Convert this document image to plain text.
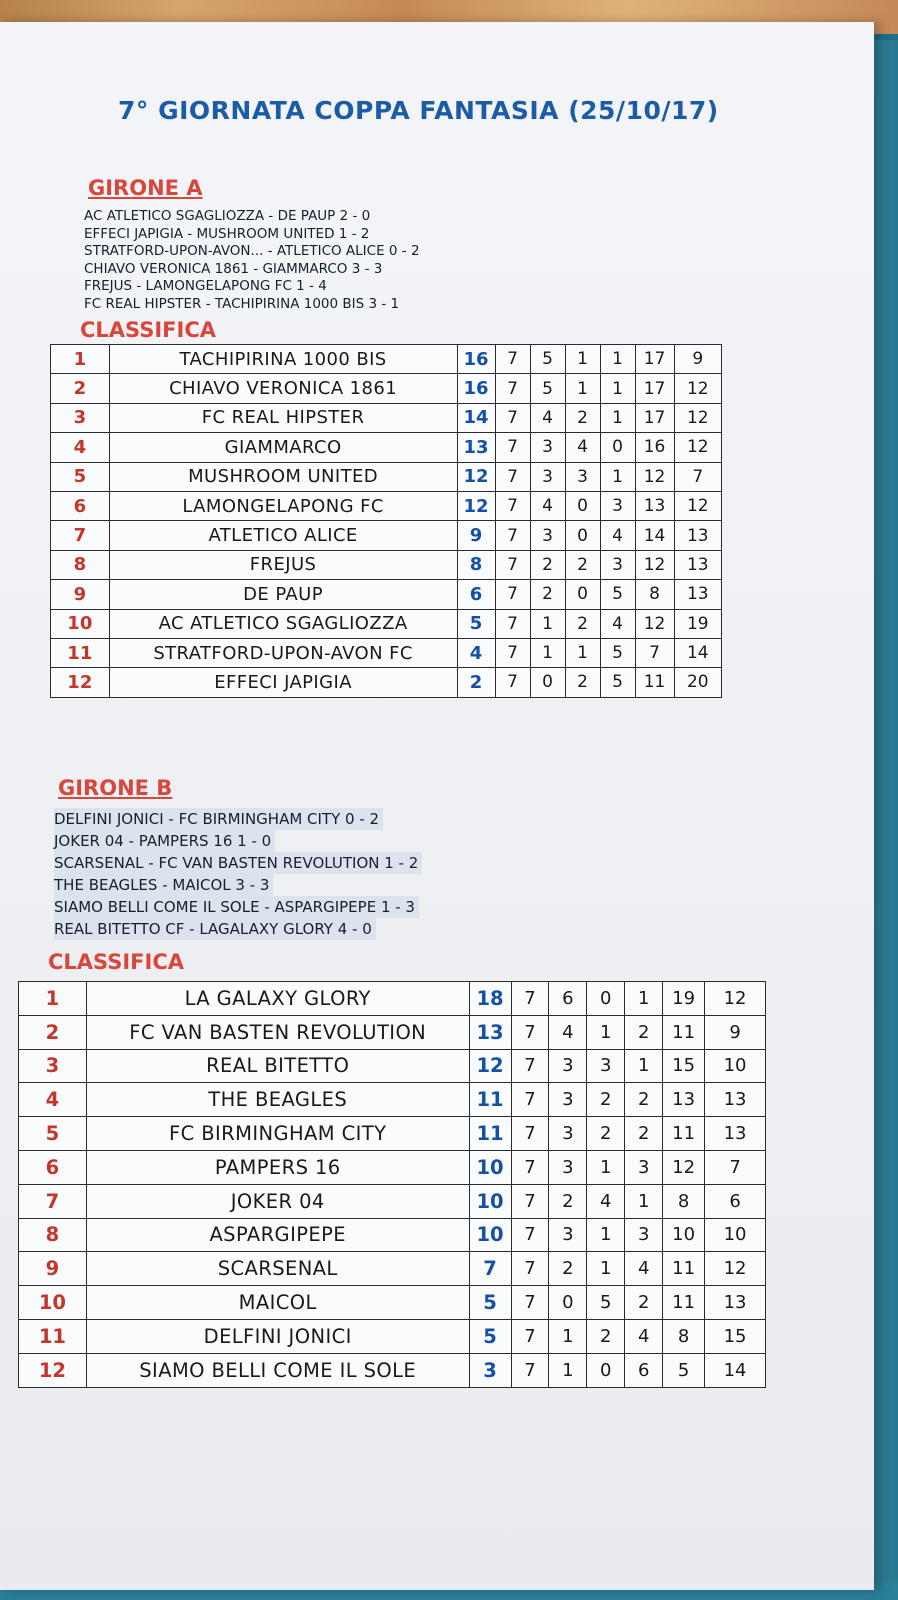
7° GIORNATA COPPA FANTASIA (25/10/17)
GIRONE A
AC ATLETICO SGAGLIOZZA - DE PAUP 2 - 0
EFFECI JAPIGIA - MUSHROOM UNITED 1 - 2
STRATFORD-UPON-AVON... - ATLETICO ALICE 0 - 2
CHIAVO VERONICA 1861 - GIAMMARCO 3 - 3
FREJUS - LAMONGELAPONG FC 1 - 4
FC REAL HIPSTER - TACHIPIRINA 1000 BIS 3 - 1
CLASSIFICA
1	TACHIPIRINA 1000 BIS	16	7	5	1	1	17	9
2	CHIAVO VERONICA 1861	16	7	5	1	1	17	12
3	FC REAL HIPSTER	14	7	4	2	1	17	12
4	GIAMMARCO	13	7	3	4	0	16	12
5	MUSHROOM UNITED	12	7	3	3	1	12	7
6	LAMONGELAPONG FC	12	7	4	0	3	13	12
7	ATLETICO ALICE	9	7	3	0	4	14	13
8	FREJUS	8	7	2	2	3	12	13
9	DE PAUP	6	7	2	0	5	8	13
10	AC ATLETICO SGAGLIOZZA	5	7	1	2	4	12	19
11	STRATFORD-UPON-AVON FC	4	7	1	1	5	7	14
12	EFFECI JAPIGIA	2	7	0	2	5	11	20
GIRONE B
DELFINI JONICI - FC BIRMINGHAM CITY 0 - 2
JOKER 04 - PAMPERS 16 1 - 0
SCARSENAL - FC VAN BASTEN REVOLUTION 1 - 2
THE BEAGLES - MAICOL 3 - 3
SIAMO BELLI COME IL SOLE - ASPARGIPEPE 1 - 3
REAL BITETTO CF - LAGALAXY GLORY 4 - 0
CLASSIFICA
1	LA GALAXY GLORY	18	7	6	0	1	19	12
2	FC VAN BASTEN REVOLUTION	13	7	4	1	2	11	9
3	REAL BITETTO	12	7	3	3	1	15	10
4	THE BEAGLES	11	7	3	2	2	13	13
5	FC BIRMINGHAM CITY	11	7	3	2	2	11	13
6	PAMPERS 16	10	7	3	1	3	12	7
7	JOKER 04	10	7	2	4	1	8	6
8	ASPARGIPEPE	10	7	3	1	3	10	10
9	SCARSENAL	7	7	2	1	4	11	12
10	MAICOL	5	7	0	5	2	11	13
11	DELFINI JONICI	5	7	1	2	4	8	15
12	SIAMO BELLI COME IL SOLE	3	7	1	0	6	5	14
